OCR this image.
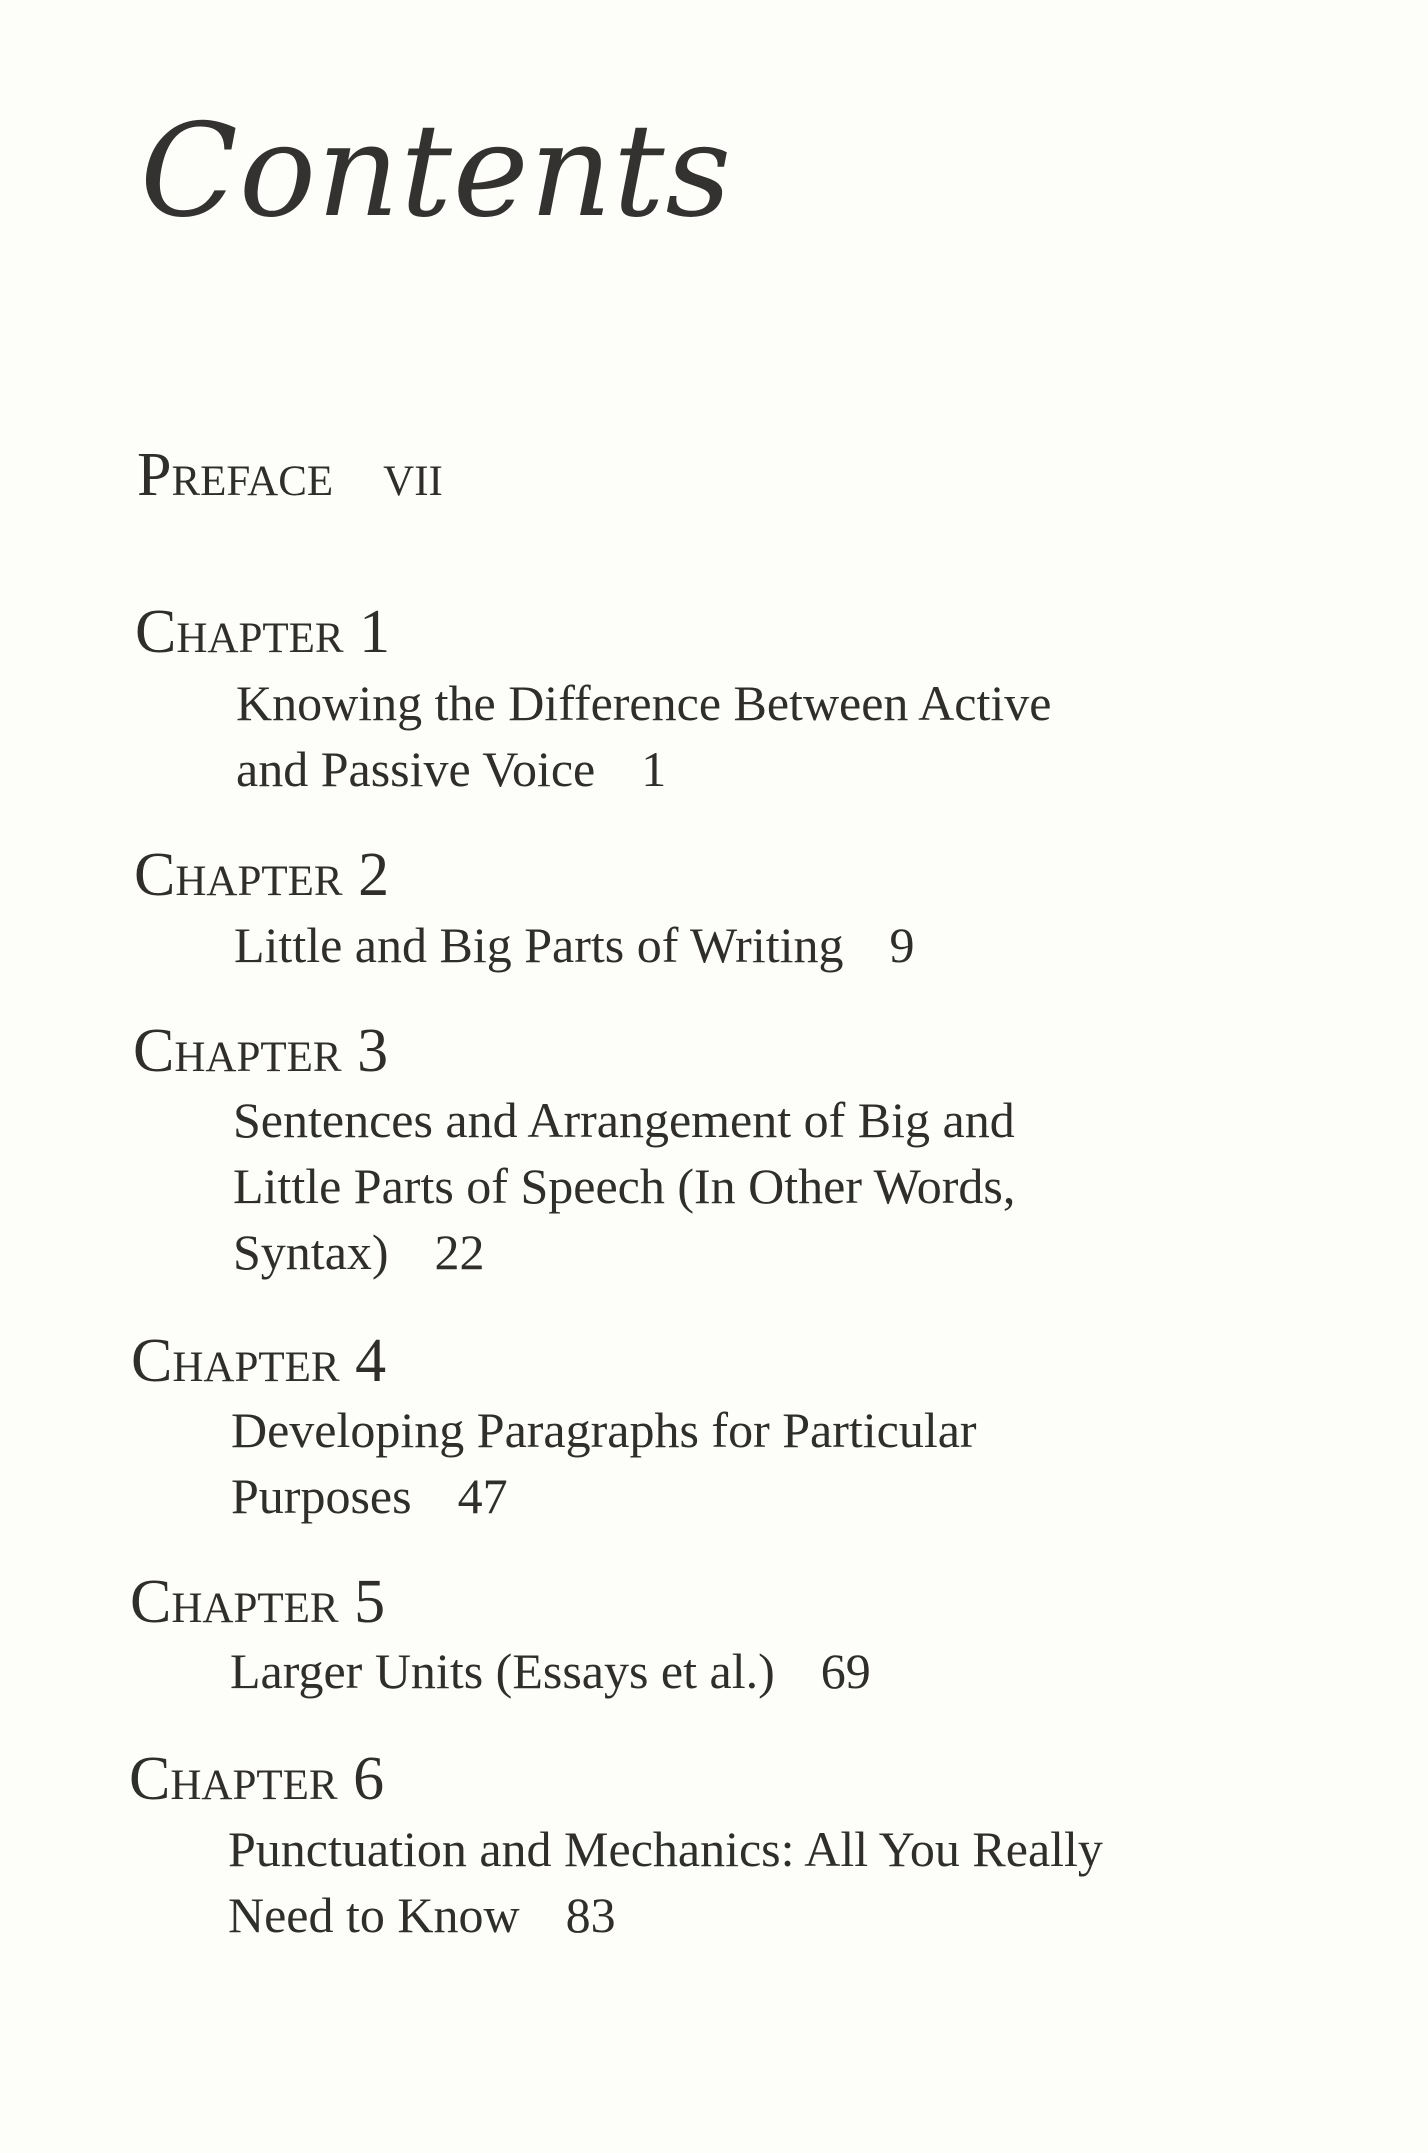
Contents
Preface vii
Chapter 1
Knowing the Difference Between Active
and Passive Voice 1
Chapter 2
Little and Big Parts of Writing 9
Chapter 3
Sentences and Arrangement of Big and
Little Parts of Speech (In Other Words,
Syntax) 22
Chapter 4
Developing Paragraphs for Particular
Purposes 47
Chapter 5
Larger Units (Essays et al.) 69
Chapter 6
Punctuation and Mechanics: All You Really
Need to Know 83
